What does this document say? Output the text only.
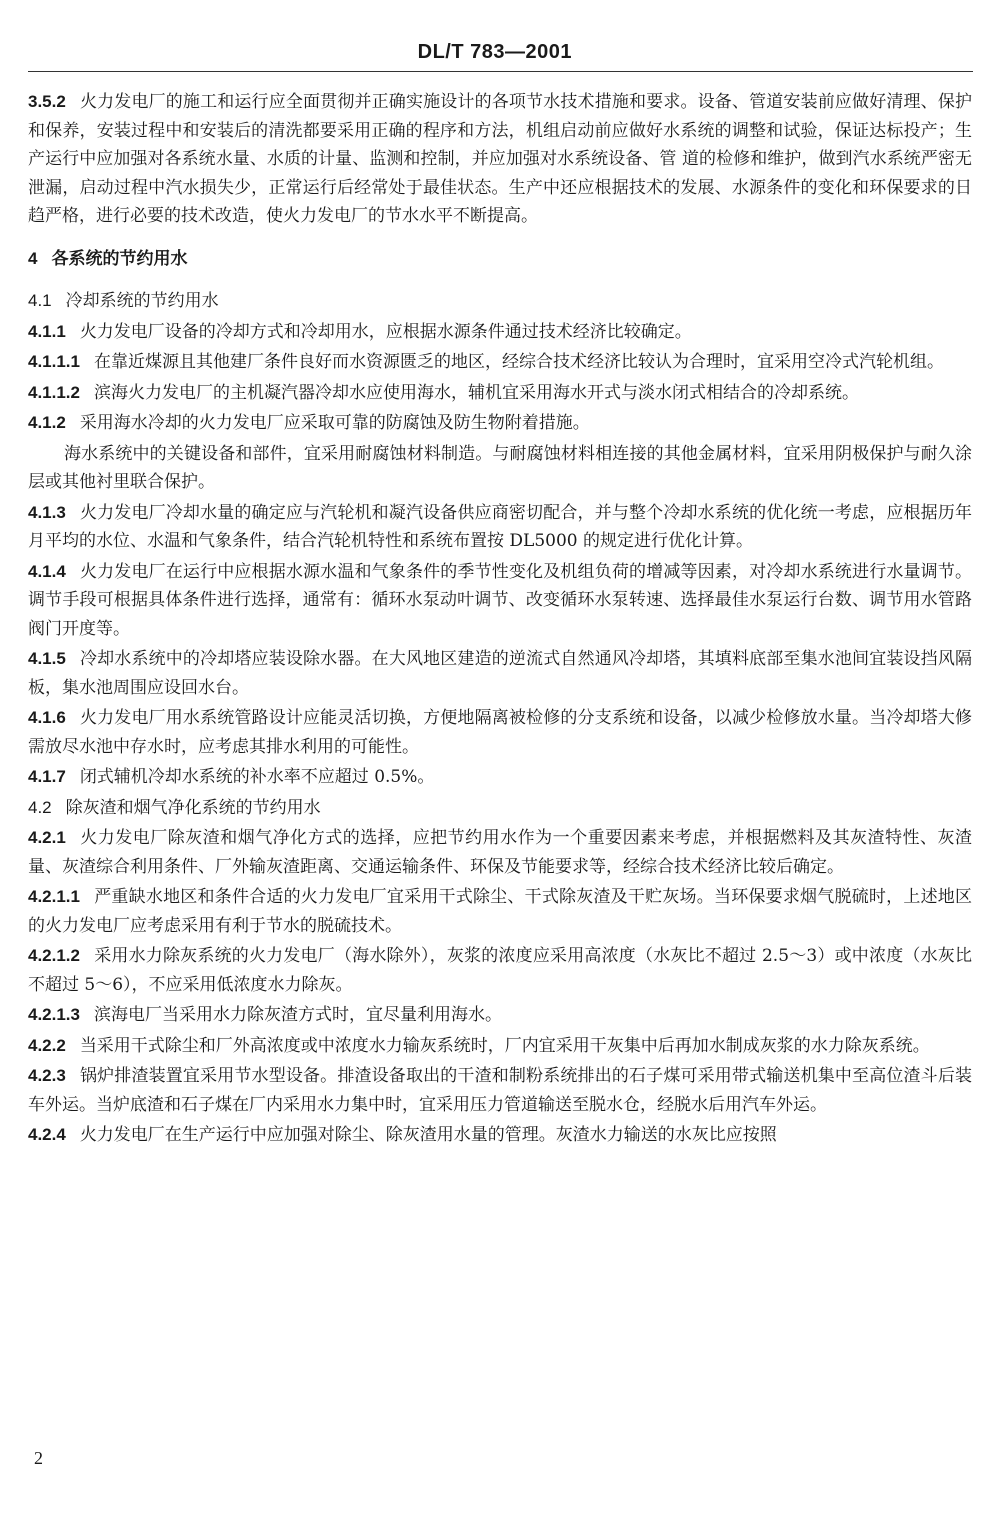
DL/T 783—2001

3.5.2 火力发电厂的施工和运行应全面贯彻并正确实施设计的各项节水技术措施和要求。设备、管道安装前应做好清理、保护和保养，安装过程中和安装后的清洗都要采用正确的程序和方法，机组启动前应做好水系统的调整和试验，保证达标投产；生产运行中应加强对各系统水量、水质的计量、监测和控制，并应加强对水系统设备、管 道的检修和维护，做到汽水系统严密无泄漏，启动过程中汽水损失少，正常运行后经常处于最佳状态。生产中还应根据技术的发展、水源条件的变化和环保要求的日趋严格，进行必要的技术改造，使火力发电厂的节水水平不断提高。

4 各系统的节约用水

4.1 冷却系统的节约用水

4.1.1 火力发电厂设备的冷却方式和冷却用水，应根据水源条件通过技术经济比较确定。

4.1.1.1 在靠近煤源且其他建厂条件良好而水资源匮乏的地区，经综合技术经济比较认为合理时，宜采用空冷式汽轮机组。

4.1.1.2 滨海火力发电厂的主机凝汽器冷却水应使用海水，辅机宜采用海水开式与淡水闭式相结合的冷却系统。

4.1.2 采用海水冷却的火力发电厂应采取可靠的防腐蚀及防生物附着措施。

海水系统中的关键设备和部件，宜采用耐腐蚀材料制造。与耐腐蚀材料相连接的其他金属材料，宜采用阴极保护与耐久涂层或其他衬里联合保护。

4.1.3 火力发电厂冷却水量的确定应与汽轮机和凝汽设备供应商密切配合，并与整个冷却水系统的优化统一考虑，应根据历年月平均的水位、水温和气象条件，结合汽轮机特性和系统布置按 DL5000 的规定进行优化计算。

4.1.4 火力发电厂在运行中应根据水源水温和气象条件的季节性变化及机组负荷的增减等因素，对冷却水系统进行水量调节。调节手段可根据具体条件进行选择，通常有：循环水泵动叶调节、改变循环水泵转速、选择最佳水泵运行台数、调节用水管路阀门开度等。

4.1.5 冷却水系统中的冷却塔应装设除水器。在大风地区建造的逆流式自然通风冷却塔，其填料底部至集水池间宜装设挡风隔板，集水池周围应设回水台。

4.1.6 火力发电厂用水系统管路设计应能灵活切换，方便地隔离被检修的分支系统和设备，以减少检修放水量。当冷却塔大修需放尽水池中存水时，应考虑其排水利用的可能性。

4.1.7 闭式辅机冷却水系统的补水率不应超过 0.5%。

4.2 除灰渣和烟气净化系统的节约用水

4.2.1 火力发电厂除灰渣和烟气净化方式的选择，应把节约用水作为一个重要因素来考虑，并根据燃料及其灰渣特性、灰渣量、灰渣综合利用条件、厂外输灰渣距离、交通运输条件、环保及节能要求等，经综合技术经济比较后确定。

4.2.1.1 严重缺水地区和条件合适的火力发电厂宜采用干式除尘、干式除灰渣及干贮灰场。当环保要求烟气脱硫时，上述地区的火力发电厂应考虑采用有利于节水的脱硫技术。

4.2.1.2 采用水力除灰系统的火力发电厂（海水除外），灰浆的浓度应采用高浓度（水灰比不超过 2.5～3）或中浓度（水灰比不超过 5～6），不应采用低浓度水力除灰。

4.2.1.3 滨海电厂当采用水力除灰渣方式时，宜尽量利用海水。

4.2.2 当采用干式除尘和厂外高浓度或中浓度水力输灰系统时，厂内宜采用干灰集中后再加水制成灰浆的水力除灰系统。

4.2.3 锅炉排渣装置宜采用节水型设备。排渣设备取出的干渣和制粉系统排出的石子煤可采用带式输送机集中至高位渣斗后装车外运。当炉底渣和石子煤在厂内采用水力集中时，宜采用压力管道输送至脱水仓，经脱水后用汽车外运。

4.2.4 火力发电厂在生产运行中应加强对除尘、除灰渣用水量的管理。灰渣水力输送的水灰比应按照

2
